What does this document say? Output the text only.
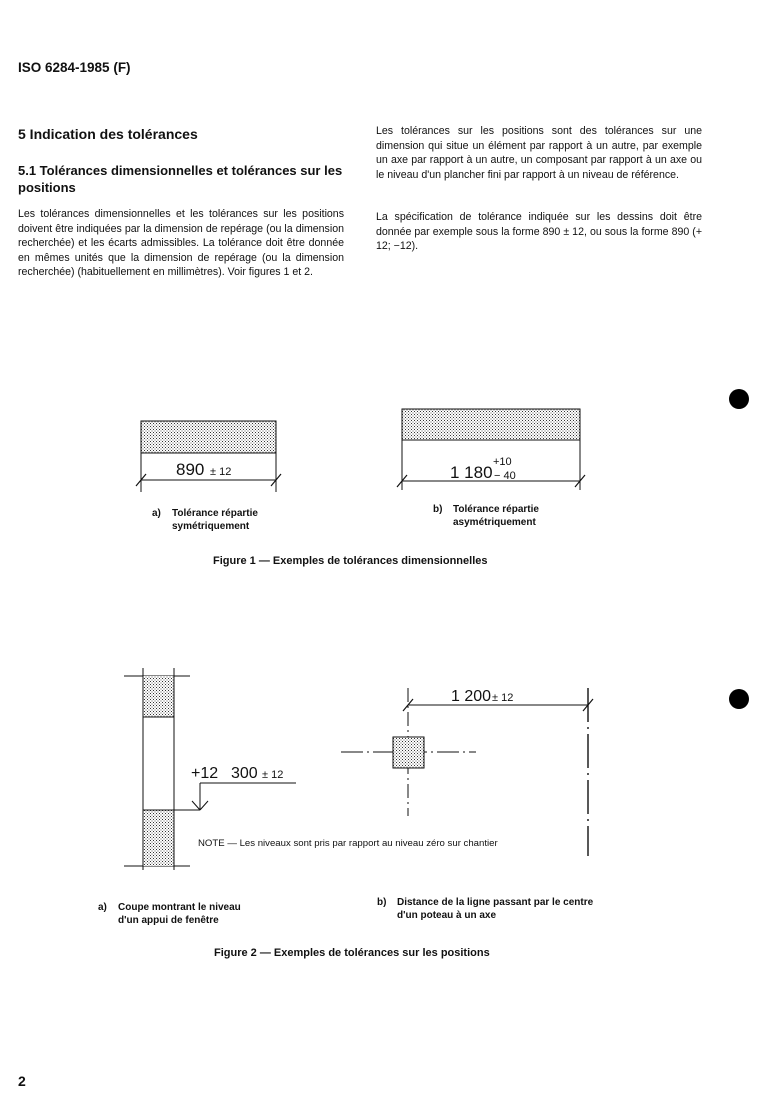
ISO 6284-1985 (F)
5 Indication des tolérances
5.1 Tolérances dimensionnelles et tolérances sur les positions
Les tolérances dimensionnelles et les tolérances sur les positions doivent être indiquées par la dimension de repérage (ou la dimension recherchée) et les écarts admissibles. La tolérance doit être donnée en mêmes unités que la dimension de repérage (ou la dimension recherchée) (habituellement en millimètres). Voir figures 1 et 2.
Les tolérances sur les positions sont des tolérances sur une dimension qui situe un élément par rapport à un autre, par exemple un axe par rapport à un autre, un composant par rapport à un axe ou le niveau d'un plancher fini par rapport à un niveau de référence.
La spécification de tolérance indiquée sur les dessins doit être donnée par exemple sous la forme 890 ± 12, ou sous la forme 890 (+ 12; −12).
890 ± 12	1 180
+10
− 40
+12 300 ± 12
1 200 ± 12
a) Tolérance répartie
symétriquement
b) Tolérance répartie
asymétriquement
Figure 1 — Exemples de tolérances dimensionnelles
NOTE — Les niveaux sont pris par rapport au niveau zéro sur chantier
a) Coupe montrant le niveau
d'un appui de fenêtre
b) Distance de la ligne passant par le centre
d'un poteau à un axe
Figure 2 — Exemples de tolérances sur les positions
2
